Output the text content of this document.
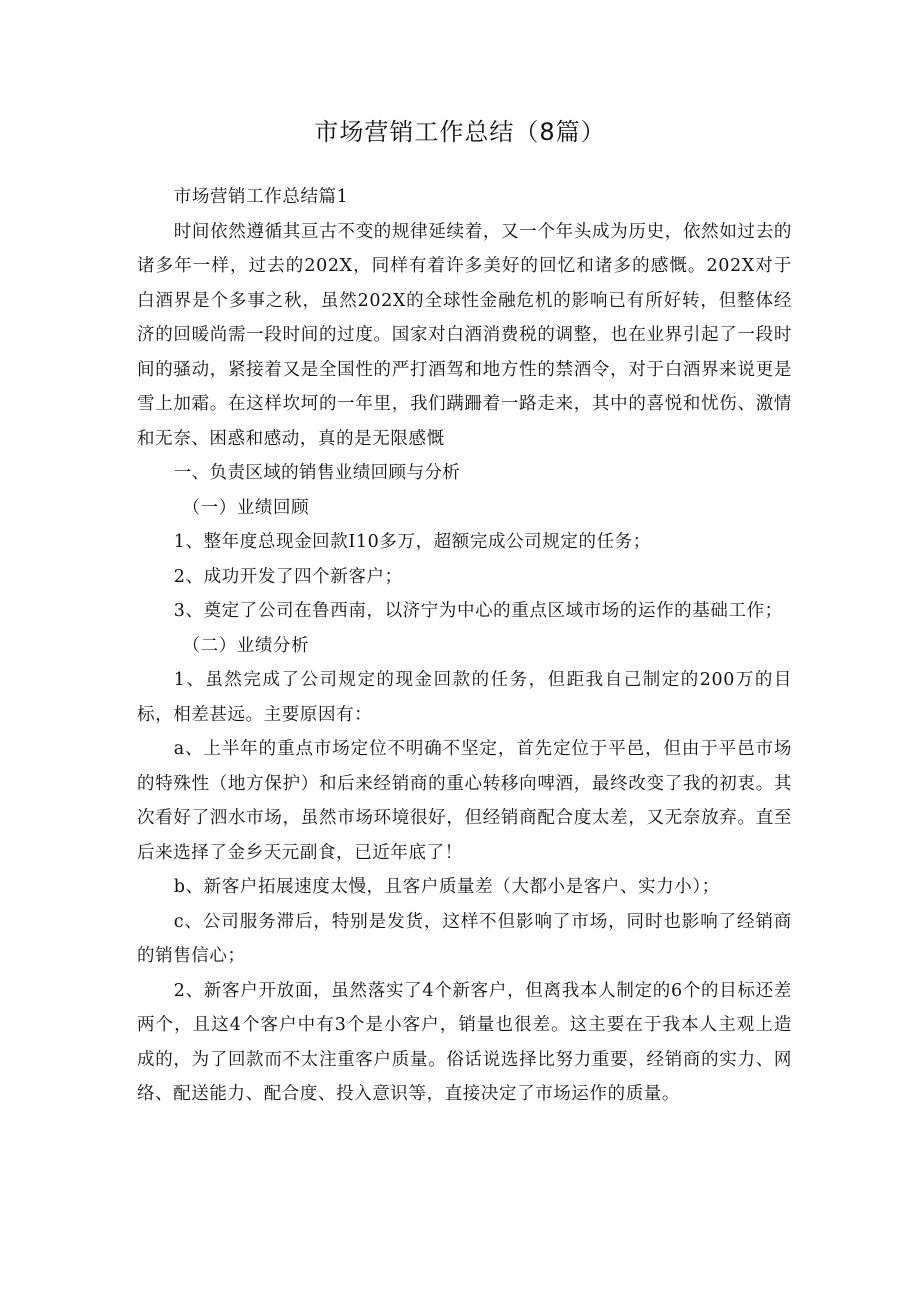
市场营销工作总结（8篇）

市场营销工作总结篇1

时间依然遵循其亘古不变的规律延续着，又一个年头成为历史，依然如过去的诸多年一样，过去的202X，同样有着许多美好的回忆和诸多的感慨。202X对于白酒界是个多事之秋，虽然202X的全球性金融危机的影响已有所好转，但整体经济的回暖尚需一段时间的过度。国家对白酒消费税的调整，也在业界引起了一段时间的骚动，紧接着又是全国性的严打酒驾和地方性的禁酒令，对于白酒界来说更是雪上加霜。在这样坎坷的一年里，我们蹒跚着一路走来，其中的喜悦和忧伤、激情和无奈、困惑和感动，真的是无限感慨

一、负责区域的销售业绩回顾与分析

（一）业绩回顾

1、整年度总现金回款I10多万，超额完成公司规定的任务；

2、成功开发了四个新客户；

3、奠定了公司在鲁西南，以济宁为中心的重点区域市场的运作的基础工作；

（二）业绩分析

1、虽然完成了公司规定的现金回款的任务，但距我自己制定的200万的目标，相差甚远。主要原因有：

a、上半年的重点市场定位不明确不坚定，首先定位于平邑，但由于平邑市场的特殊性（地方保护）和后来经销商的重心转移向啤酒，最终改变了我的初衷。其次看好了泗水市场，虽然市场环境很好，但经销商配合度太差，又无奈放弃。直至后来选择了金乡天元副食，已近年底了！

b、新客户拓展速度太慢，且客户质量差（大都小是客户、实力小）；

c、公司服务滞后，特别是发货，这样不但影响了市场，同时也影响了经销商的销售信心；

2、新客户开放面，虽然落实了4个新客户，但离我本人制定的6个的目标还差两个，且这4个客户中有3个是小客户，销量也很差。这主要在于我本人主观上造成的，为了回款而不太注重客户质量。俗话说选择比努力重要，经销商的实力、网络、配送能力、配合度、投入意识等，直接决定了市场运作的质量。
